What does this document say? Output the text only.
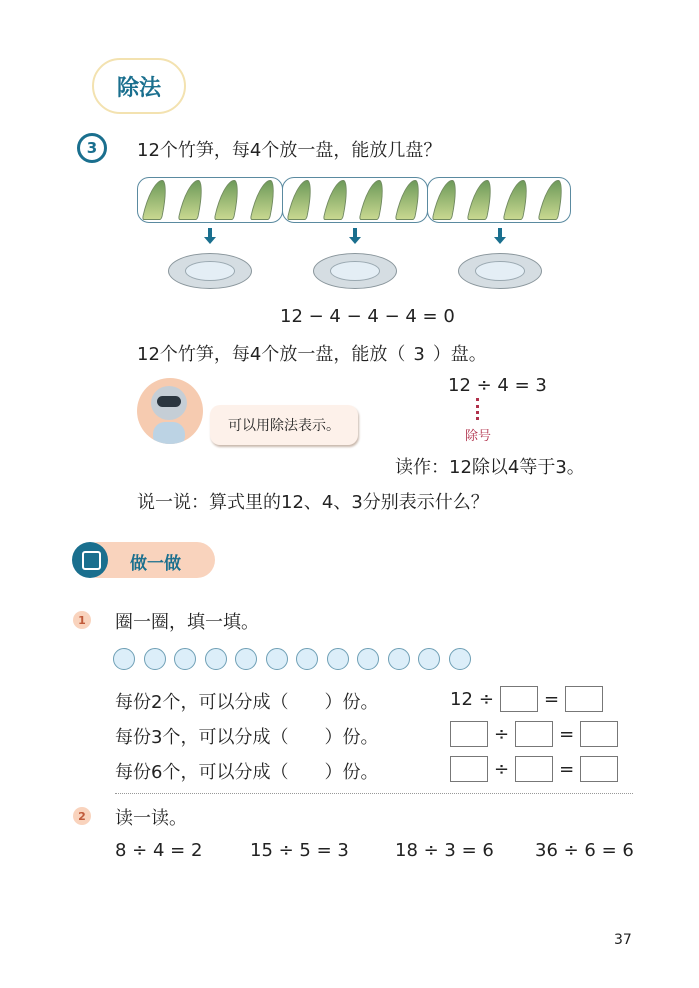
除法
3	12个竹笋，每4个放一盘，能放几盘？
12 − 4 − 4 − 4 = 0
12个竹笋，每4个放一盘，能放（ 3 ）盘。
可以用除法表示。
12 ÷ 4 = 3
除号
读作：12除以4等于3。
说一说：算式里的12、4、3分别表示什么？
做一做
1 圈一圈，填一填。
每份2个，可以分成（　　）份。	12 ÷	=
每份3个，可以分成（　　）份。	÷	=
每份6个，可以分成（　　）份。	÷	=
2 读一读。
8 ÷ 4 = 2	15 ÷ 5 = 3	18 ÷ 3 = 6 36 ÷ 6 = 6
37
